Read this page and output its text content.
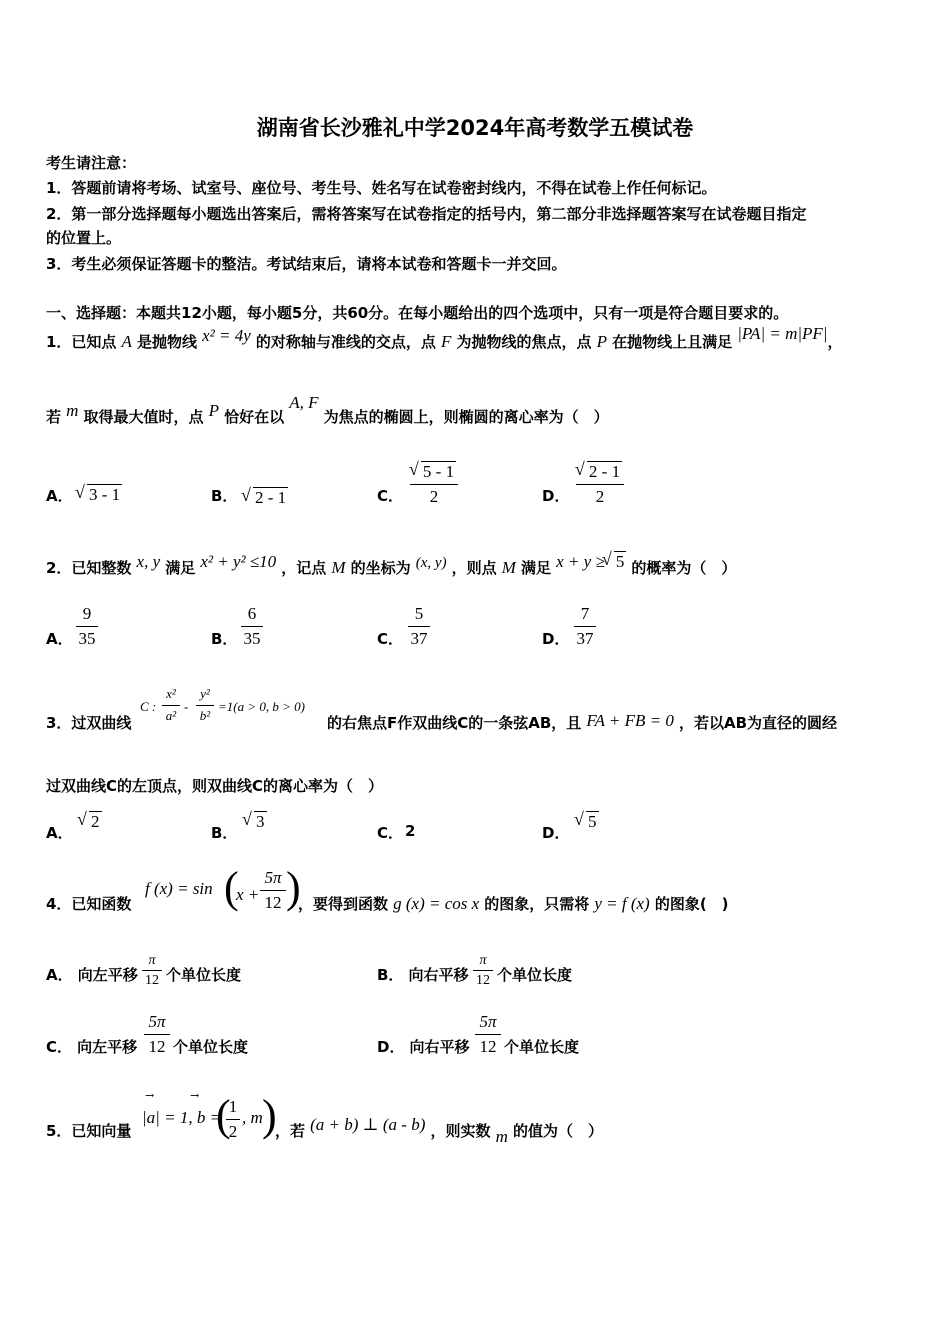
湖南省长沙雅礼中学2024年高考数学五模试卷
考生请注意：
1．答题前请将考场、试室号、座位号、考生号、姓名写在试卷密封线内，不得在试卷上作任何标记。
2．第一部分选择题每小题选出答案后，需将答案写在试卷指定的括号内，第二部分非选择题答案写在试卷题目指定
的位置上。
3．考生必须保证答题卡的整洁。考试结束后，请将本试卷和答题卡一并交回。
一、选择题：本题共12小题，每小题5分，共60分。在每小题给出的四个选项中，只有一项是符合题目要求的。
1．已知点 A 是抛物线 x² = 4y 的对称轴与准线的交点，点 F 为抛物线的焦点，点 P 在抛物线上且满足 |PA| = m|PF|，
若 m 取得最大值时，点 P 恰好在以 A, F 为焦点的椭圆上，则椭圆的离心率为（　）
A． √ 3 - 1	B．	√ 2 - 1	C．
√ 5 - 1
2	D．
√ 2 - 1
2
2．已知整数 x, y 满足 x² + y² ≤10 ，记点 M 的坐标为 (x, y) ，则点 M 满足 x + y ≥ √ 5 的概率为（　）
A．
9
35	B．
6
35	C．
5
37	D．
7
37
3．过双曲线
C :
x²
a²
-
y²
b²
=1(a > 0, b > 0)
的右焦点F作双曲线C的一条弦AB，且 FA + FB = 0 ，若以AB为直径的圆经
过双曲线C的左顶点，则双曲线C的离心率为（　）
A．
√ 2
B．
√ 3
C． 2	D．
√ 5
4．已知函数
f (x) = sin (
x +
5π
12 )
，要得到函数 g (x) = cos x 的图象，只需将 y = f (x) 的图象(　)
A． 向左平移
π
12 个单位长度	B． 向右平移
π
12 个单位长度
C． 向左平移
5π
12 个单位长度	D． 向右平移
5π
12 个单位长度
5．已知向量
→	→
|a| = 1, b =
(
1
2
, m )
，若 (a + b) ⊥ (a - b) ，则实数 m 的值为（　）
